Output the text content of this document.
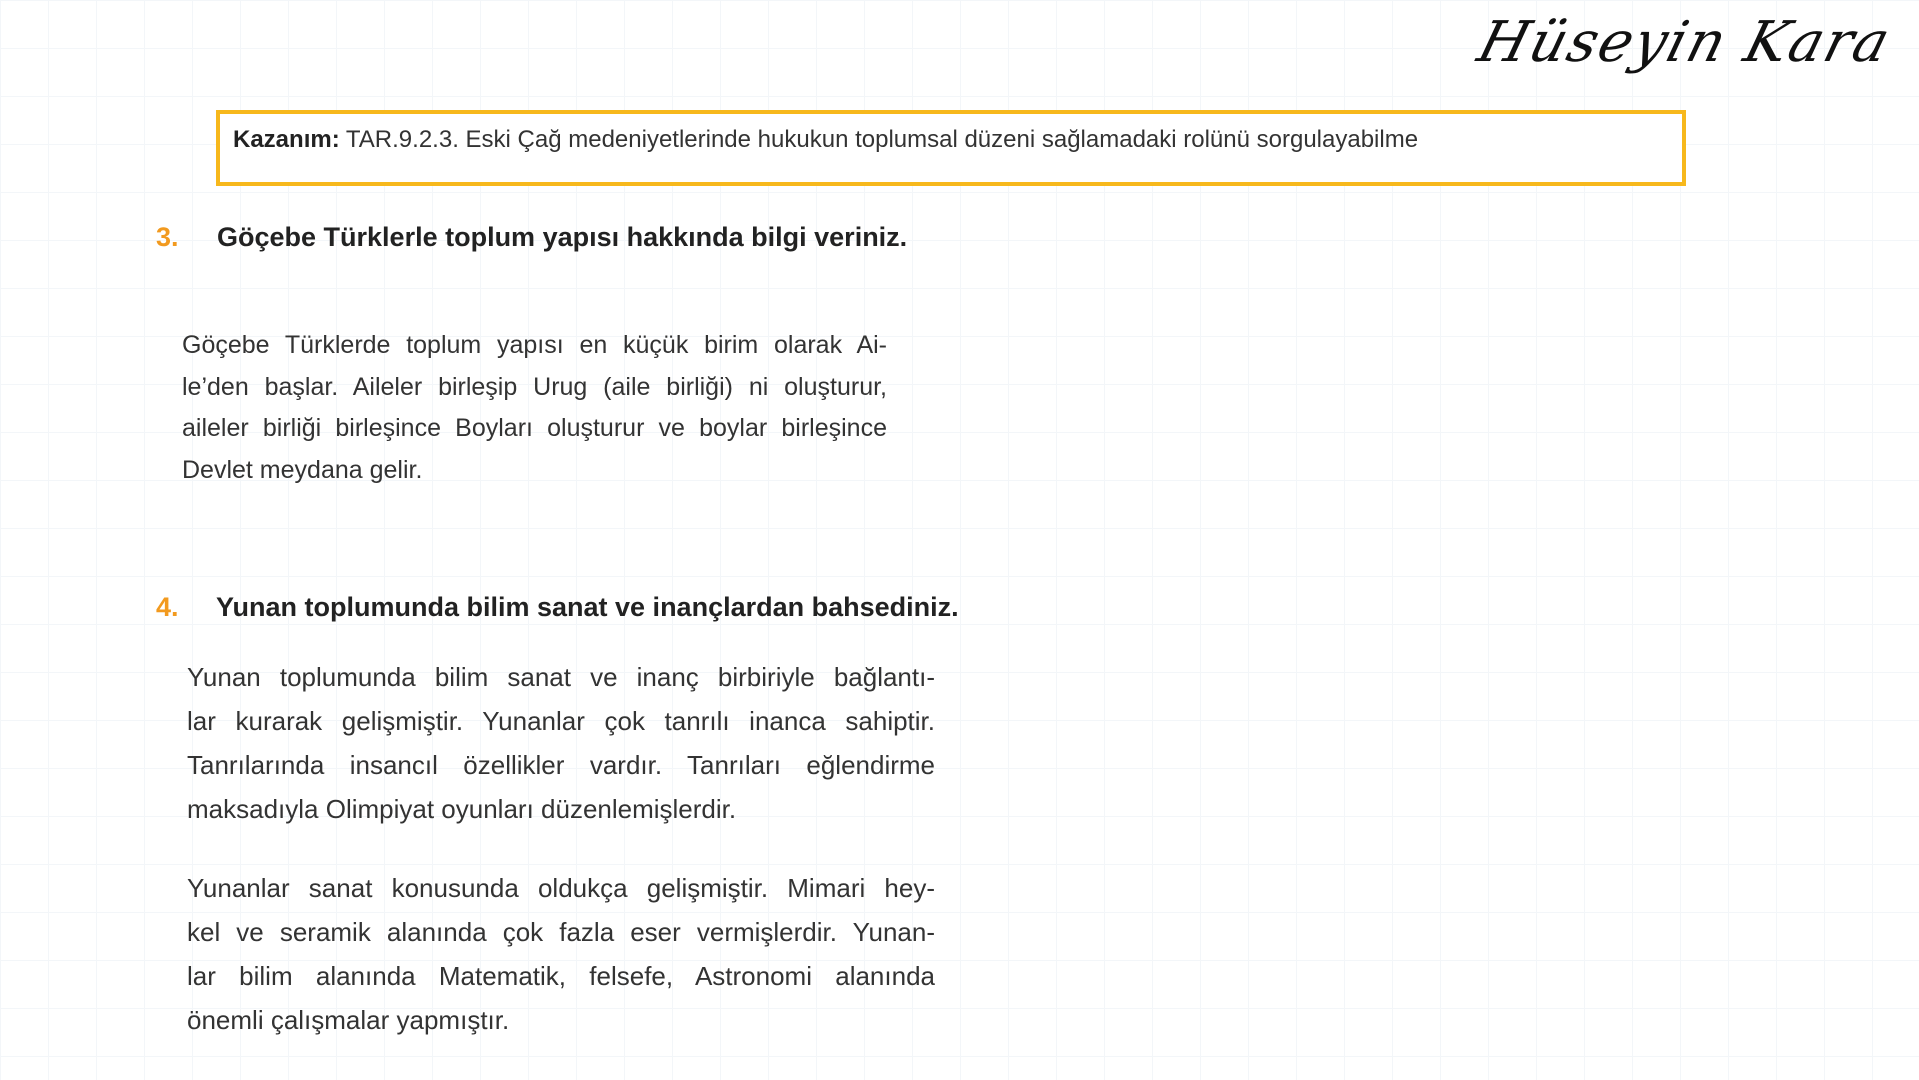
Hüseyin Kara
Kazanım: TAR.9.2.3. Eski Çağ medeniyetlerinde hukukun toplumsal düzeni sağlamadaki rolünü sorgulayabilme
3. Göçebe Türklerle toplum yapısı hakkında bilgi veriniz.
Göçebe Türklerde toplum yapısı en küçük birim olarak Ai-
le’den başlar. Aileler birleşip Urug (aile birliği) ni oluşturur,
aileler birliği birleşince Boyları oluşturur ve boylar birleşince
Devlet meydana gelir.
4. Yunan toplumunda bilim sanat ve inançlardan bahsediniz.
Yunan toplumunda bilim sanat ve inanç birbiriyle bağlantı-
lar kurarak gelişmiştir. Yunanlar çok tanrılı inanca sahiptir.
Tanrılarında insancıl özellikler vardır. Tanrıları eğlendirme
maksadıyla Olimpiyat oyunları düzenlemişlerdir.
Yunanlar sanat konusunda oldukça gelişmiştir. Mimari hey-
kel ve seramik alanında çok fazla eser vermişlerdir. Yunan-
lar bilim alanında Matematik, felsefe, Astronomi alanında
önemli çalışmalar yapmıştır.
